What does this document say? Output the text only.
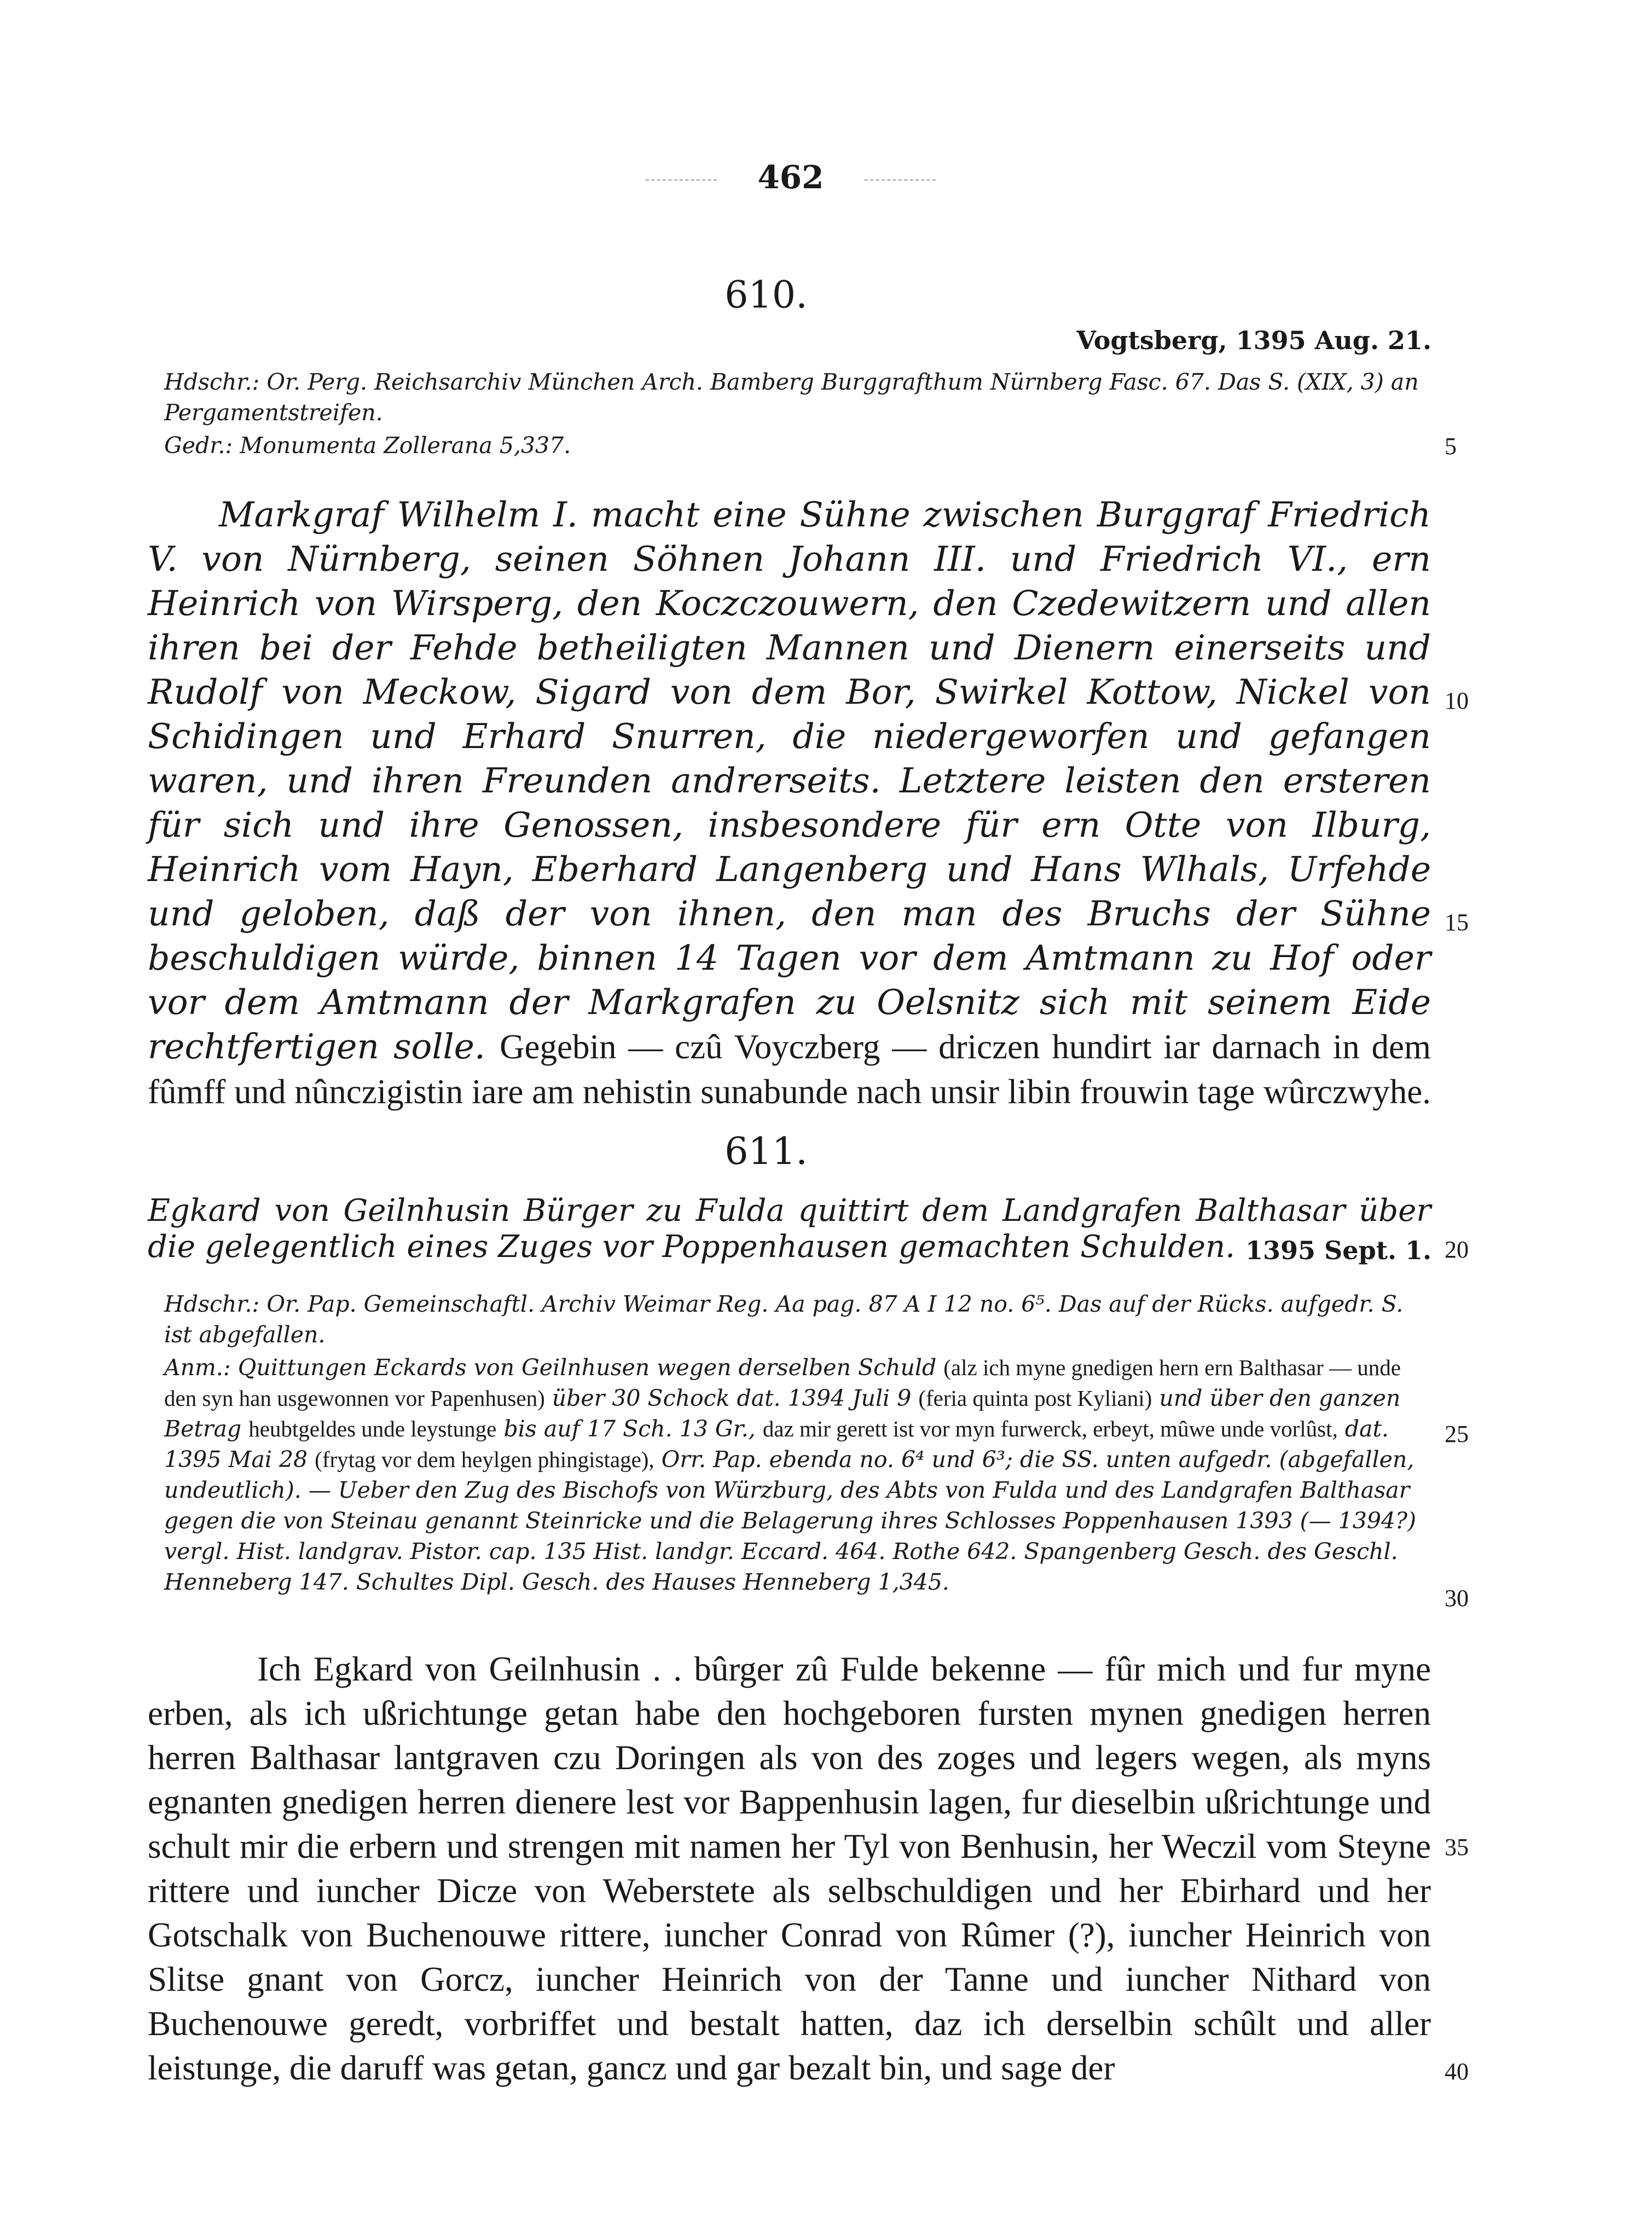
462
610.
Vogtsberg, 1395 Aug. 21.

Hdschr.: Or. Perg. Reichsarchiv München Arch. Bamberg Burggrafthum Nürnberg Fasc. 67. Das S. (XIX, 3) an Pergamentstreifen.

Gedr.: Monumenta Zollerana 5,337.

Markgraf Wilhelm I. macht eine Sühne zwischen Burggraf Friedrich V. von Nürnberg, seinen Söhnen Johann III. und Friedrich VI., ern Heinrich von Wirsperg, den Koczczouwern, den Czedewitzern und allen ihren bei der Fehde betheiligten Mannen und Dienern einerseits und Rudolf von Meckow, Sigard von dem Bor, Swirkel Kottow, Nickel von Schidingen und Erhard Snurren, die niedergeworfen und gefangen waren, und ihren Freunden andrerseits. Letztere leisten den ersteren für sich und ihre Genossen, insbesondere für ern Otte von Ilburg, Heinrich vom Hayn, Eberhard Langenberg und Hans Wlhals, Urfehde und geloben, daß der von ihnen, den man des Bruchs der Sühne beschuldigen würde, binnen 14 Tagen vor dem Amtmann zu Hof oder vor dem Amtmann der Markgrafen zu Oelsnitz sich mit seinem Eide rechtfertigen solle. Gegebin — czû Voyczberg — driczen hundirt iar darnach in dem fûmff und nûnczigistin iare am nehistin sunabunde nach unsir libin frouwin tage wûrczwyhe.

611.
Egkard von Geilnhusin Bürger zu Fulda quittirt dem Landgrafen Balthasar über die gelegentlich eines Zuges vor Poppenhausen gemachten Schulden. 1395 Sept. 1.

Hdschr.: Or. Pap. Gemeinschaftl. Archiv Weimar Reg. Aa pag. 87 A I 12 no. 6⁵. Das auf der Rücks. aufgedr. S. ist abgefallen.

Anm.: Quittungen Eckards von Geilnhusen wegen derselben Schuld (alz ich myne gnedigen hern ern Balthasar — unde den syn han usgewonnen vor Papenhusen) über 30 Schock dat. 1394 Juli 9 (feria quinta post Kyliani) und über den ganzen Betrag heubtgeldes unde leystunge bis auf 17 Sch. 13 Gr., daz mir gerett ist vor myn furwerck, erbeyt, mûwe unde vorlûst, dat. 1395 Mai 28 (frytag vor dem heylgen phingistage), Orr. Pap. ebenda no. 6⁴ und 6³; die SS. unten aufgedr. (abgefallen, undeutlich). — Ueber den Zug des Bischofs von Würzburg, des Abts von Fulda und des Landgrafen Balthasar gegen die von Steinau genannt Steinricke und die Belagerung ihres Schlosses Poppenhausen 1393 (— 1394?) vergl. Hist. landgrav. Pistor. cap. 135 Hist. landgr. Eccard. 464. Rothe 642. Spangenberg Gesch. des Geschl. Henneberg 147. Schultes Dipl. Gesch. des Hauses Henneberg 1,345.

Ich Egkard von Geilnhusin . . bûrger zû Fulde bekenne — fûr mich und fur myne erben, als ich ußrichtunge getan habe den hochgeboren fursten mynen gnedigen herren herren Balthasar lantgraven czu Doringen als von des zoges und legers wegen, als myns egnanten gnedigen herren dienere lest vor Bappenhusin lagen, fur dieselbin ußrichtunge und schult mir die erbern und strengen mit namen her Tyl von Benhusin, her Weczil vom Steyne rittere und iuncher Dicze von Weberstete als selbschuldigen und her Ebirhard und her Gotschalk von Buchenouwe rittere, iuncher Conrad von Rûmer (?), iuncher Heinrich von Slitse gnant von Gorcz, iuncher Heinrich von der Tanne und iuncher Nithard von Buchenouwe geredt, vorbriffet und bestalt hatten, daz ich derselbin schûlt und aller leistunge, die daruff was getan, gancz und gar bezalt bin, und sage der

5
10
15
20
25
30
35
40
